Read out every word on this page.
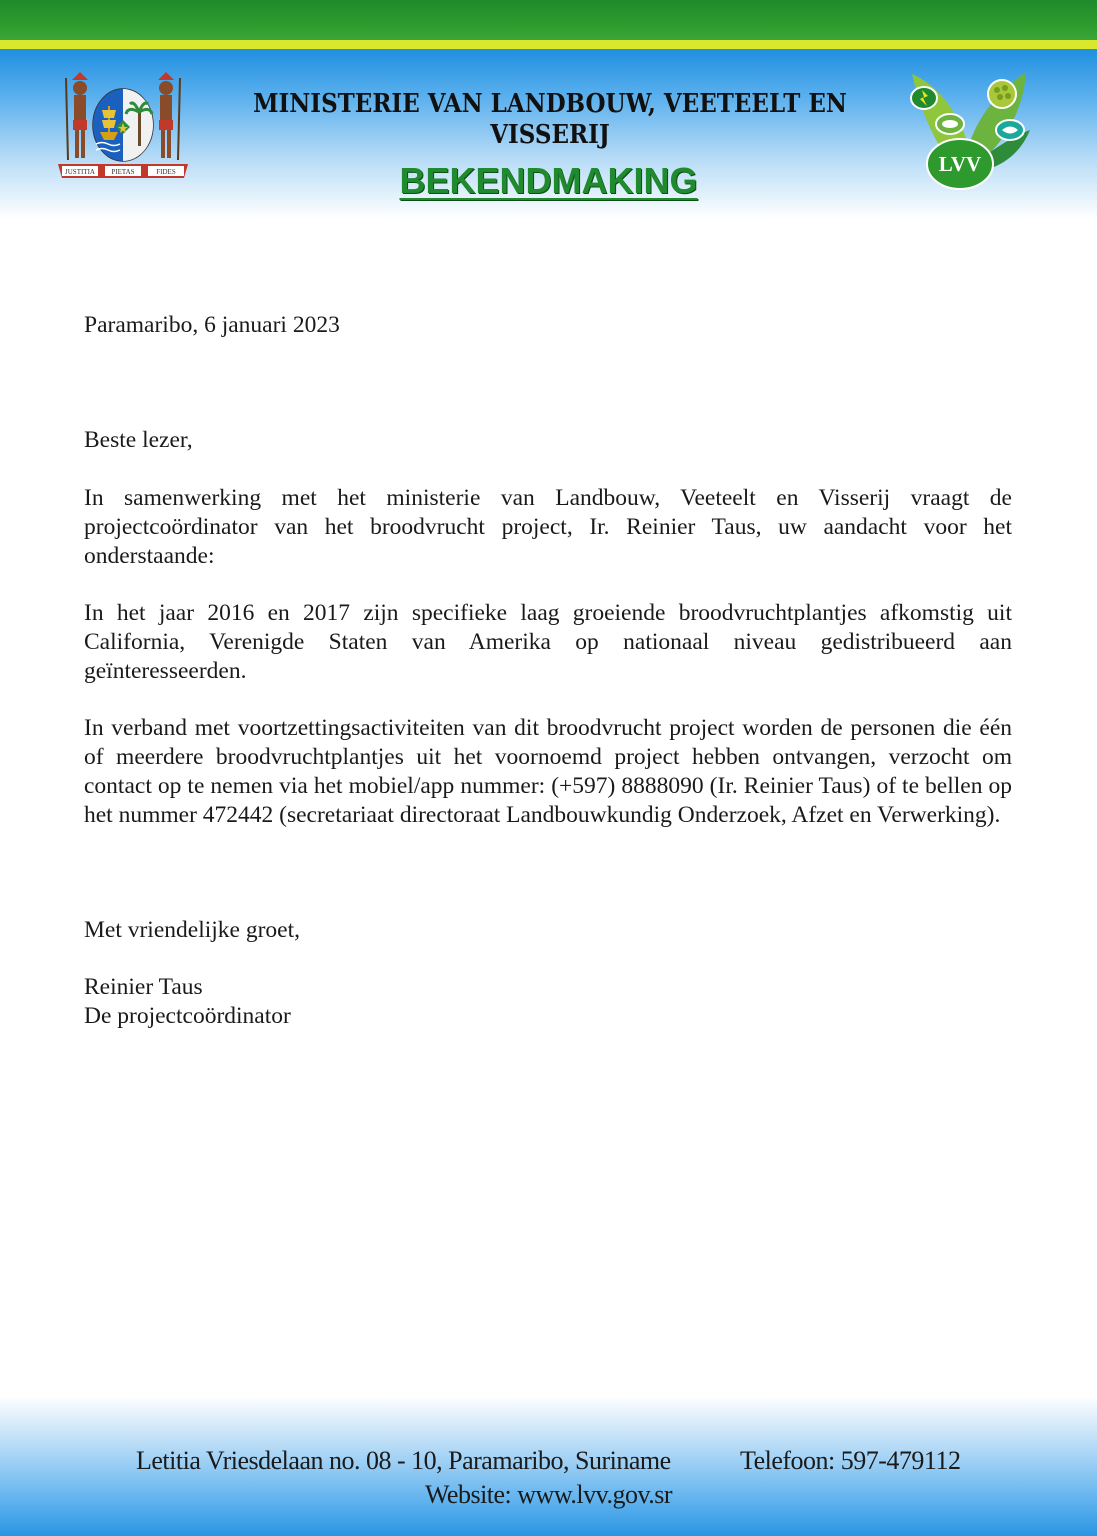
JUSTITIA PIETAS	FIDES	LVV
MINISTERIE VAN LANDBOUW, VEETEELT EN VISSERIJ
BEKENDMAKING
Paramaribo, 6 januari 2023
Beste lezer,
In samenwerking met het ministerie van Landbouw, Veeteelt en Visserij vraagt de projectcoördinator van het broodvrucht project, Ir. Reinier Taus, uw aandacht voor het onderstaande:
In het jaar 2016 en 2017 zijn specifieke laag groeiende broodvruchtplantjes afkomstig uit California, Verenigde Staten van Amerika op nationaal niveau gedistribueerd aan geïnteresseerden.
In verband met voortzettingsactiviteiten van dit broodvrucht project worden de personen die één of meerdere broodvruchtplantjes uit het voornoemd project hebben ontvangen, verzocht om contact op te nemen via het mobiel/app nummer: (+597) 8888090 (Ir. Reinier Taus) of te bellen op het nummer 472442 (secretariaat directoraat Landbouwkundig Onderzoek, Afzet en Verwerking).
Met vriendelijke groet,
Reinier Taus
De projectcoördinator
Letitia Vriesdelaan no. 08 - 10, Paramaribo, Suriname	Telefoon: 597-479112
Website: www.lvv.gov.sr
